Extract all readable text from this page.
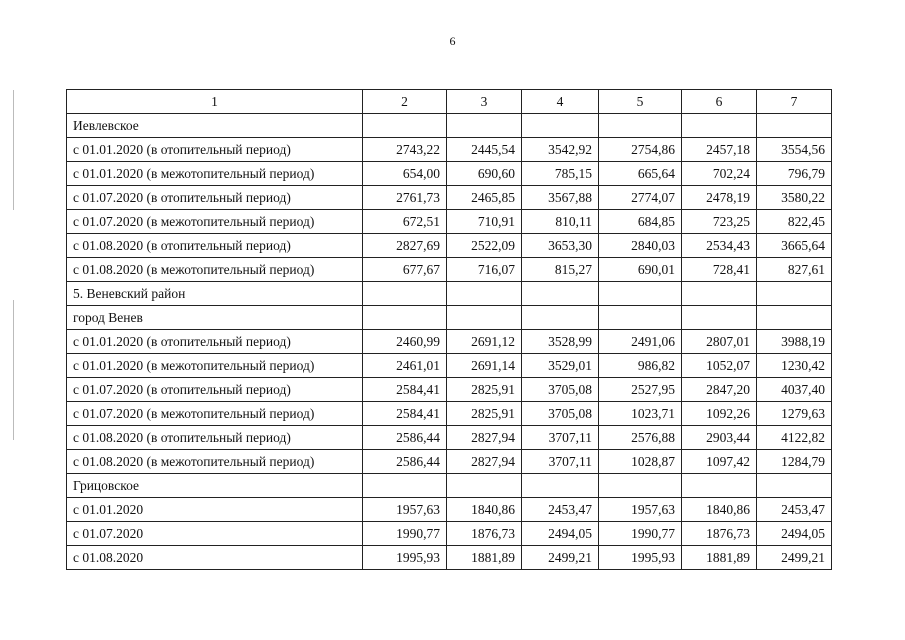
6
1	2	3	4	5	6	7
Иевлевское						
с 01.01.2020 (в отопительный период)	2743,22	2445,54	3542,92	2754,86	2457,18	3554,56
с 01.01.2020 (в межотопительный период)	654,00	690,60	785,15	665,64	702,24	796,79
с 01.07.2020 (в отопительный период)	2761,73	2465,85	3567,88	2774,07	2478,19	3580,22
с 01.07.2020 (в межотопительный период)	672,51	710,91	810,11	684,85	723,25	822,45
с 01.08.2020 (в отопительный период)	2827,69	2522,09	3653,30	2840,03	2534,43	3665,64
с 01.08.2020 (в межотопительный период)	677,67	716,07	815,27	690,01	728,41	827,61
5. Веневский район						
город Венев						
с 01.01.2020 (в отопительный период)	2460,99	2691,12	3528,99	2491,06	2807,01	3988,19
с 01.01.2020 (в межотопительный период)	2461,01	2691,14	3529,01	986,82	1052,07	1230,42
с 01.07.2020 (в отопительный период)	2584,41	2825,91	3705,08	2527,95	2847,20	4037,40
с 01.07.2020 (в межотопительный период)	2584,41	2825,91	3705,08	1023,71	1092,26	1279,63
с 01.08.2020 (в отопительный период)	2586,44	2827,94	3707,11	2576,88	2903,44	4122,82
с 01.08.2020 (в межотопительный период)	2586,44	2827,94	3707,11	1028,87	1097,42	1284,79
Грицовское						
с 01.01.2020	1957,63	1840,86	2453,47	1957,63	1840,86	2453,47
с 01.07.2020	1990,77	1876,73	2494,05	1990,77	1876,73	2494,05
с 01.08.2020	1995,93	1881,89	2499,21	1995,93	1881,89	2499,21
